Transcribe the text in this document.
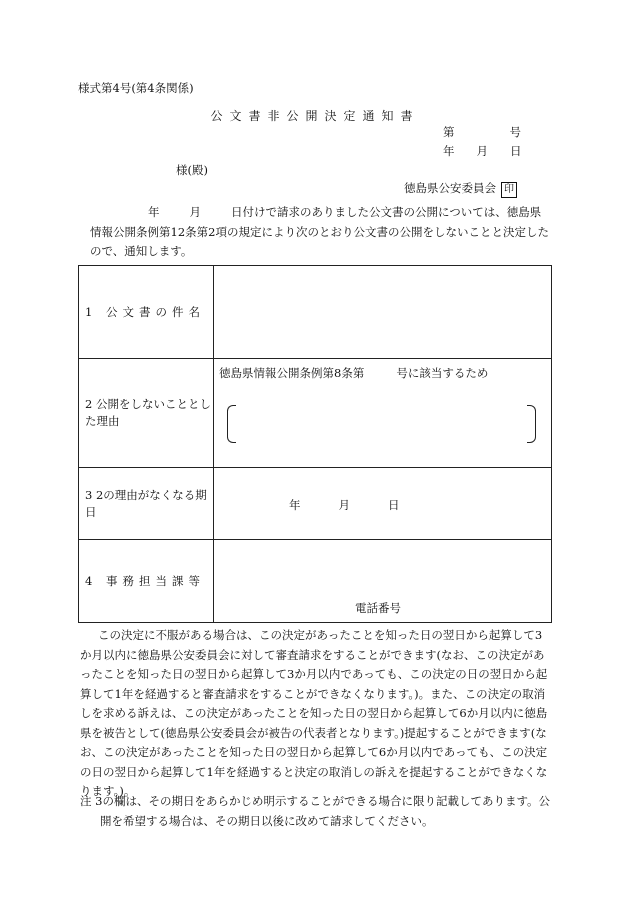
様式第4号(第4条関係)
公文書非公開決定通知書
第	号
年 月 日
様(殿)
徳島県公安委員会 印
年	月	日付けで請求のありました公文書の公開については、徳島県情報公開条例第12条第2項の規定により次のとおり公文書の公開をしないことと決定したので、通知します。
1 公文書の件名	
2 公開をしないこととした理由	徳島県情報公開条例第8条第 号に該当するため

3 2の理由がなくなる期日	年 月 日

4 事務担当課等	電話番号
この決定に不服がある場合は、この決定があったことを知った日の翌日から起算して3か月以内に徳島県公安委員会に対して審査請求をすることができます(なお、この決定があったことを知った日の翌日から起算して3か月以内であっても、この決定の日の翌日から起算して1年を経過すると審査請求をすることができなくなります。)。また、この決定の取消しを求める訴えは、この決定があったことを知った日の翌日から起算して6か月以内に徳島県を被告として(徳島県公安委員会が被告の代表者となります。)提起することができます(なお、この決定があったことを知った日の翌日から起算して6か月以内であっても、この決定の日の翌日から起算して1年を経過すると決定の取消しの訴えを提起することができなくなります。)。
注 3の欄は、その期日をあらかじめ明示することができる場合に限り記載してあります。公開を希望する場合は、その期日以後に改めて請求してください。
